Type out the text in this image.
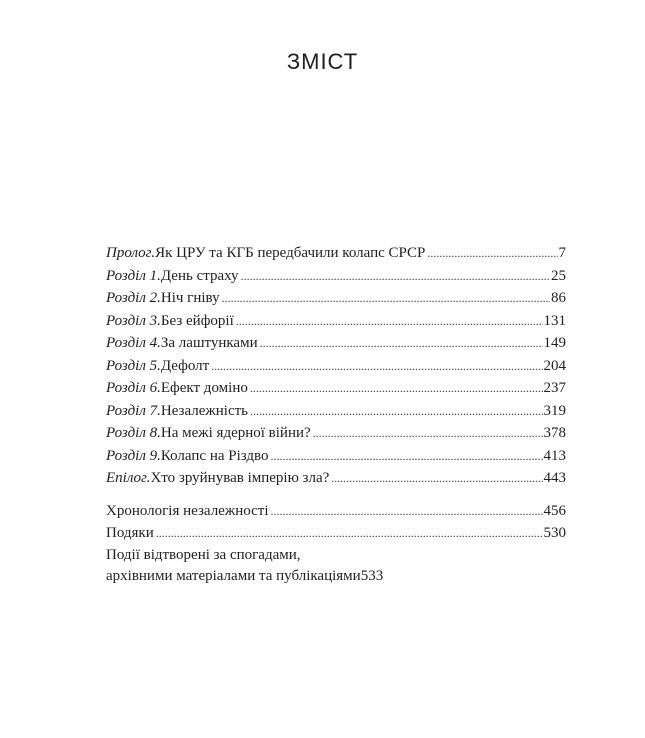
ЗМІСТ
Пролог. Як ЦРУ та КГБ передбачили колапс СРСР .....	7
Розділ 1. День страху .....	25
Розділ 2. Ніч гніву .....	86
Розділ 3. Без ейфорії .....	131
Розділ 4. За лаштунками .....	149
Розділ 5. Дефолт .....	204
Розділ 6. Ефект доміно .....	237
Розділ 7. Незалежність .....	319
Розділ 8. На межі ядерної війни? .....	378
Розділ 9. Колапс на Різдво .....	413
Епілог. Хто зруйнував імперію зла? .....	443
Хронологія незалежності .....	456
Подяки .....	530
Події відтворені за спогадами,
архівними матеріалами та публікаціями 533
